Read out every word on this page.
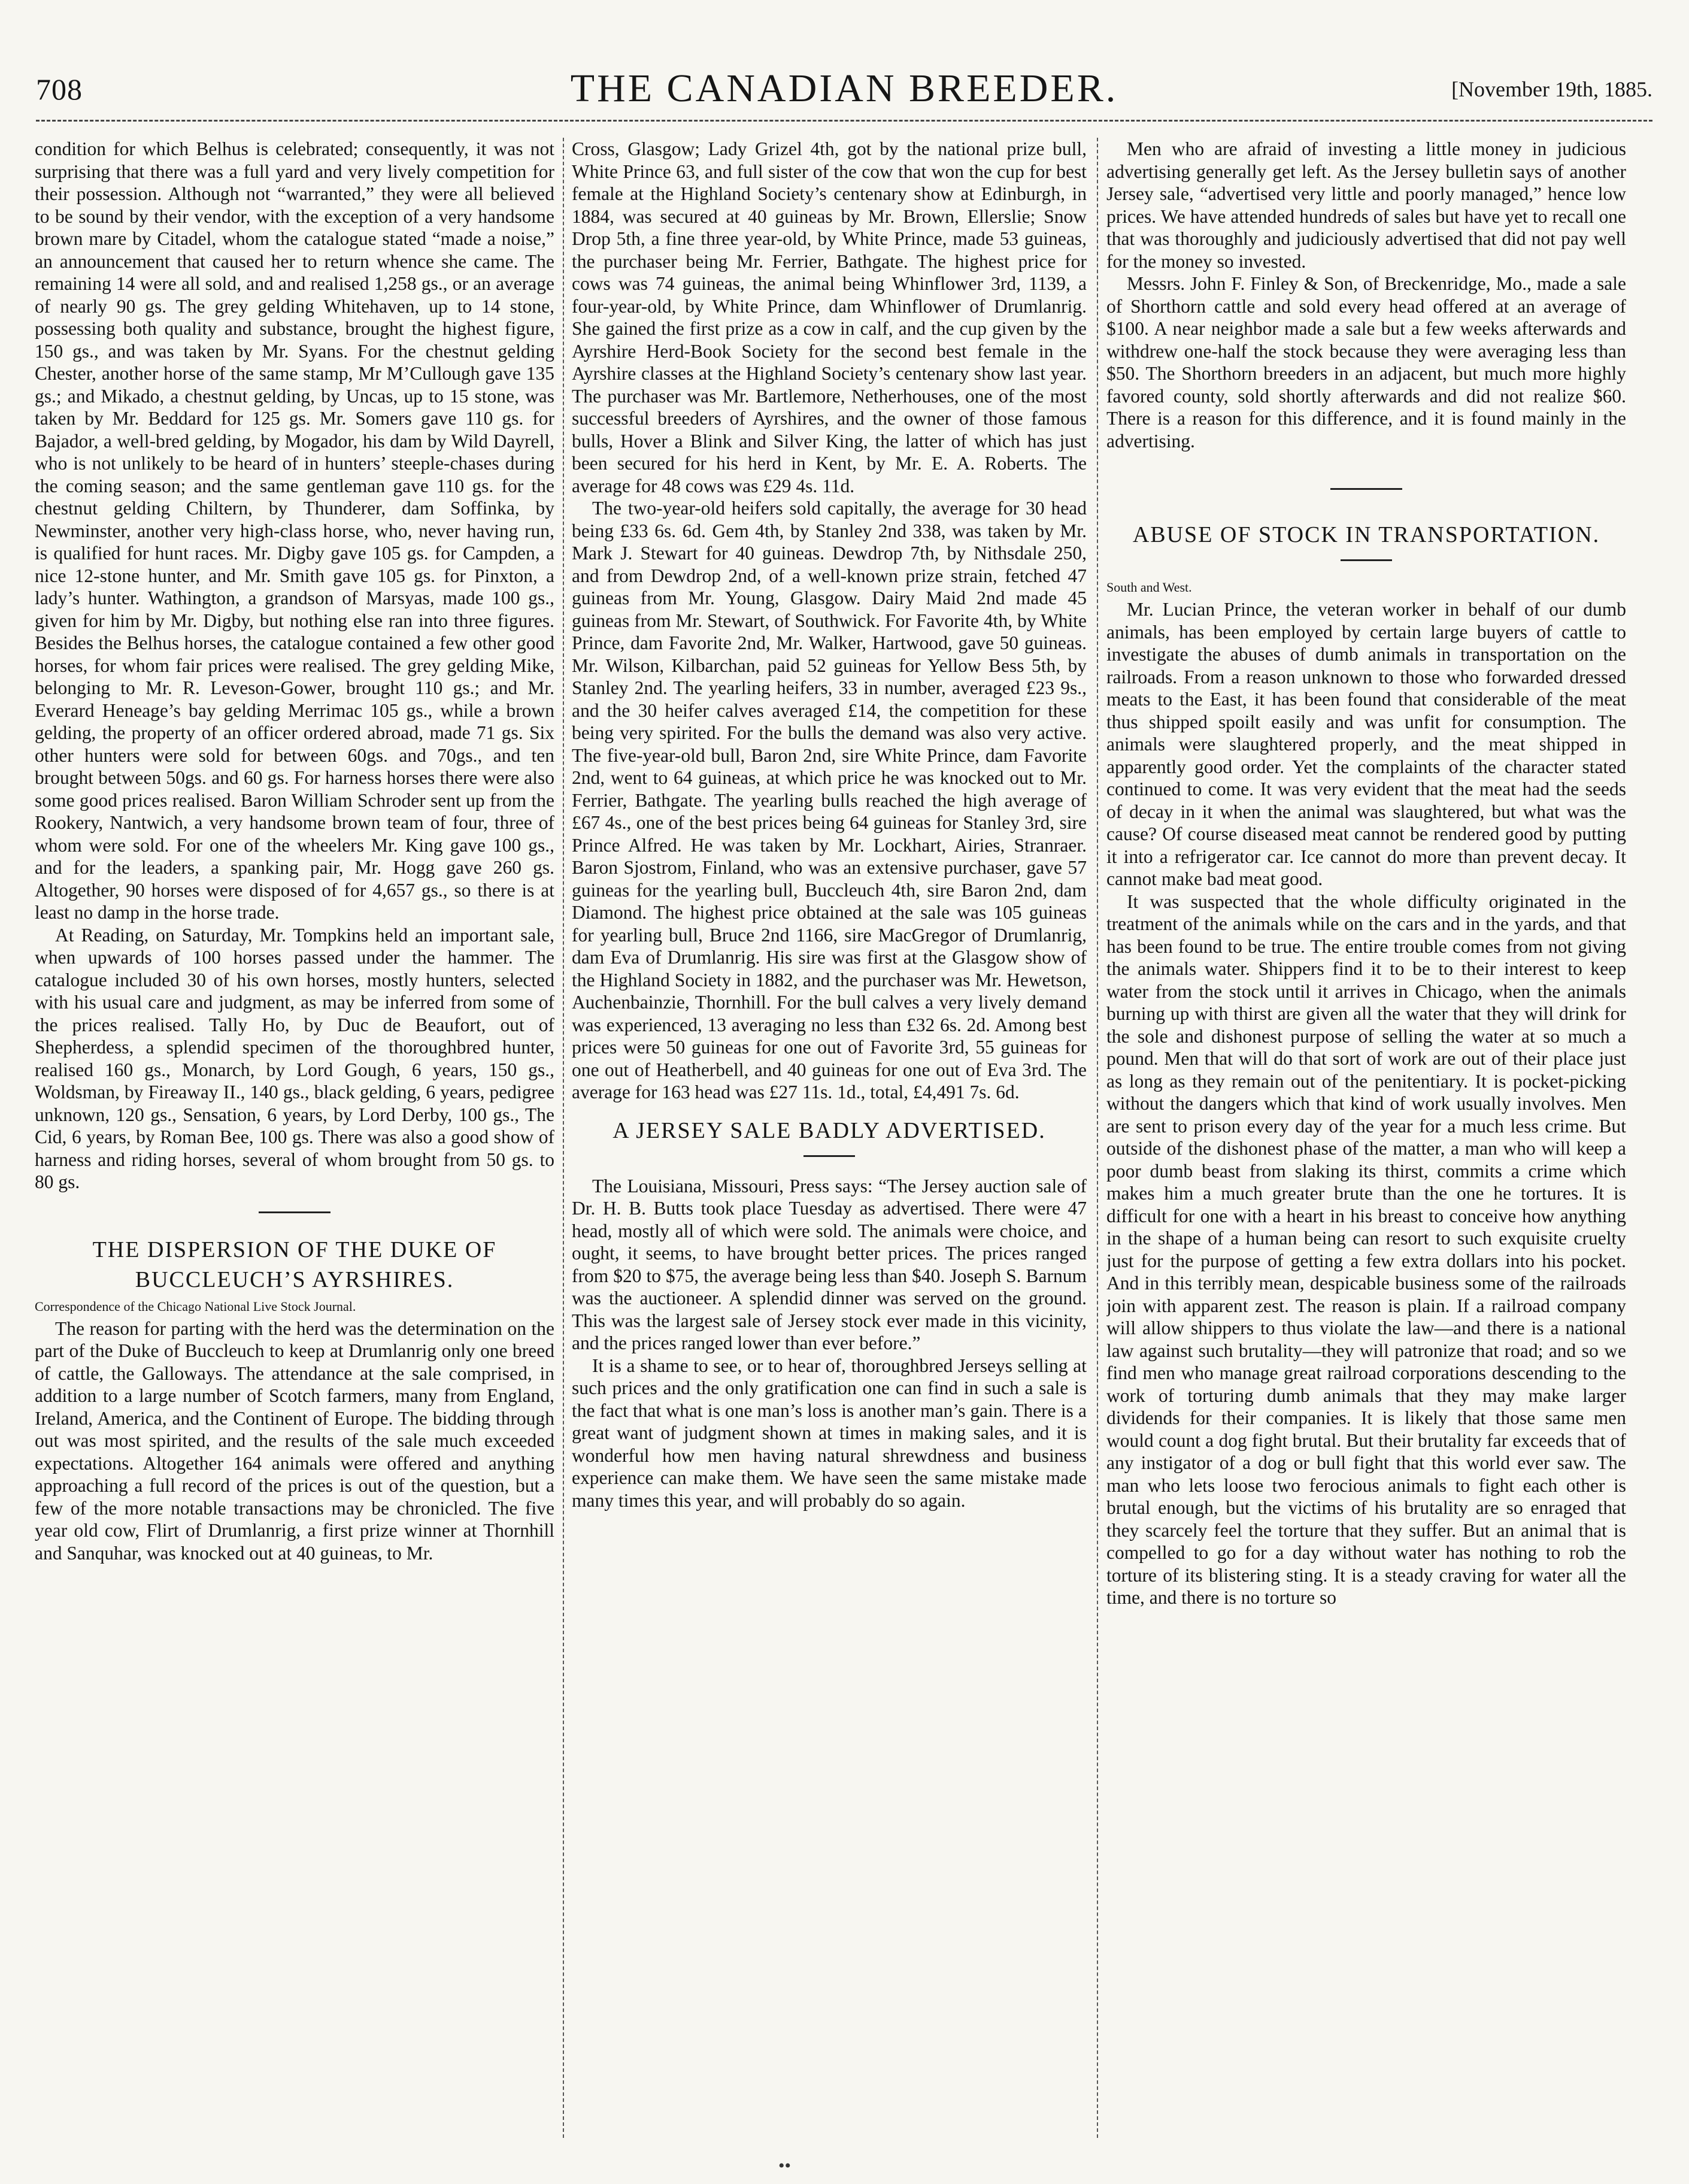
708	THE CANADIAN BREEDER.	[November 19th, 1885.

condition for which Belhus is celebrated; consequently, it was not surprising that there was a full yard and very lively competition for their possession. Although not “warranted,” they were all believed to be sound by their vendor, with the exception of a very handsome brown mare by Citadel, whom the catalogue stated “made a noise,” an announcement that caused her to return whence she came. The remaining 14 were all sold, and and realised 1,258 gs., or an average of nearly 90 gs. The grey gelding Whitehaven, up to 14 stone, possessing both quality and substance, brought the highest figure, 150 gs., and was taken by Mr. Syans. For the chestnut gelding Chester, another horse of the same stamp, Mr M’Cullough gave 135 gs.; and Mikado, a chestnut gelding, by Uncas, up to 15 stone, was taken by Mr. Beddard for 125 gs. Mr. Somers gave 110 gs. for Bajador, a well-bred gelding, by Mogador, his dam by Wild Dayrell, who is not unlikely to be heard of in hunters’ steeple-chases during the coming season; and the same gentleman gave 110 gs. for the chestnut gelding Chiltern, by Thunderer, dam Soffinka, by Newminster, another very high-class horse, who, never having run, is qualified for hunt races. Mr. Digby gave 105 gs. for Campden, a nice 12-stone hunter, and Mr. Smith gave 105 gs. for Pinxton, a lady’s hunter. Wathington, a grandson of Marsyas, made 100 gs., given for him by Mr. Digby, but nothing else ran into three figures. Besides the Belhus horses, the catalogue contained a few other good horses, for whom fair prices were realised. The grey gelding Mike, belonging to Mr. R. Leveson-Gower, brought 110 gs.; and Mr. Everard Heneage’s bay gelding Merrimac 105 gs., while a brown gelding, the property of an officer ordered abroad, made 71 gs. Six other hunters were sold for between 60gs. and 70gs., and ten brought between 50gs. and 60 gs. For harness horses there were also some good prices realised. Baron William Schroder sent up from the Rookery, Nantwich, a very handsome brown team of four, three of whom were sold. For one of the wheelers Mr. King gave 100 gs., and for the leaders, a spanking pair, Mr. Hogg gave 260 gs. Altogether, 90 horses were disposed of for 4,657 gs., so there is at least no damp in the horse trade.

At Reading, on Saturday, Mr. Tompkins held an important sale, when upwards of 100 horses passed under the hammer. The catalogue included 30 of his own horses, mostly hunters, selected with his usual care and judgment, as may be inferred from some of the prices realised. Tally Ho, by Duc de Beaufort, out of Shepherdess, a splendid specimen of the thoroughbred hunter, realised 160 gs., Monarch, by Lord Gough, 6 years, 150 gs., Woldsman, by Fireaway II., 140 gs., black gelding, 6 years, pedigree unknown, 120 gs., Sensation, 6 years, by Lord Derby, 100 gs., The Cid, 6 years, by Roman Bee, 100 gs. There was also a good show of harness and riding horses, several of whom brought from 50 gs. to 80 gs.

THE DISPERSION OF THE DUKE OF BUCCLEUCH’S AYRSHIRES.
Correspondence of the Chicago National Live Stock Journal.

The reason for parting with the herd was the determination on the part of the Duke of Buccleuch to keep at Drumlanrig only one breed of cattle, the Galloways. The attendance at the sale comprised, in addition to a large number of Scotch farmers, many from England, Ireland, America, and the Continent of Europe. The bidding through out was most spirited, and the results of the sale much exceeded expectations. Altogether 164 animals were offered and anything approaching a full record of the prices is out of the question, but a few of the more notable transactions may be chronicled. The five year old cow, Flirt of Drumlanrig, a first prize winner at Thornhill and Sanquhar, was knocked out at 40 guineas, to Mr.

Cross, Glasgow; Lady Grizel 4th, got by the national prize bull, White Prince 63, and full sister of the cow that won the cup for best female at the Highland Society’s centenary show at Edinburgh, in 1884, was secured at 40 guineas by Mr. Brown, Ellerslie; Snow Drop 5th, a fine three year-old, by White Prince, made 53 guineas, the purchaser being Mr. Ferrier, Bathgate. The highest price for cows was 74 guineas, the animal being Whinflower 3rd, 1139, a four-year-old, by White Prince, dam Whinflower of Drumlanrig. She gained the first prize as a cow in calf, and the cup given by the Ayrshire Herd-Book Society for the second best female in the Ayrshire classes at the Highland Society’s centenary show last year. The purchaser was Mr. Bartlemore, Netherhouses, one of the most successful breeders of Ayrshires, and the owner of those famous bulls, Hover a Blink and Silver King, the latter of which has just been secured for his herd in Kent, by Mr. E. A. Roberts. The average for 48 cows was £29 4s. 11d.

The two-year-old heifers sold capitally, the average for 30 head being £33 6s. 6d. Gem 4th, by Stanley 2nd 338, was taken by Mr. Mark J. Stewart for 40 guineas. Dewdrop 7th, by Nithsdale 250, and from Dewdrop 2nd, of a well-known prize strain, fetched 47 guineas from Mr. Young, Glasgow. Dairy Maid 2nd made 45 guineas from Mr. Stewart, of Southwick. For Favorite 4th, by White Prince, dam Favorite 2nd, Mr. Walker, Hartwood, gave 50 guineas. Mr. Wilson, Kilbarchan, paid 52 guineas for Yellow Bess 5th, by Stanley 2nd. The yearling heifers, 33 in number, averaged £23 9s., and the 30 heifer calves averaged £14, the competition for these being very spirited. For the bulls the demand was also very active. The five-year-old bull, Baron 2nd, sire White Prince, dam Favorite 2nd, went to 64 guineas, at which price he was knocked out to Mr. Ferrier, Bathgate. The yearling bulls reached the high average of £67 4s., one of the best prices being 64 guineas for Stanley 3rd, sire Prince Alfred. He was taken by Mr. Lockhart, Airies, Stranraer. Baron Sjostrom, Finland, who was an extensive purchaser, gave 57 guineas for the yearling bull, Buccleuch 4th, sire Baron 2nd, dam Diamond. The highest price obtained at the sale was 105 guineas for yearling bull, Bruce 2nd 1166, sire MacGregor of Drumlanrig, dam Eva of Drumlanrig. His sire was first at the Glasgow show of the Highland Society in 1882, and the purchaser was Mr. Hewetson, Auchenbainzie, Thornhill. For the bull calves a very lively demand was experienced, 13 averaging no less than £32 6s. 2d. Among best prices were 50 guineas for one out of Favorite 3rd, 55 guineas for one out of Heatherbell, and 40 guineas for one out of Eva 3rd. The average for 163 head was £27 11s. 1d., total, £4,491 7s. 6d.

A JERSEY SALE BADLY ADVERTISED.

The Louisiana, Missouri, Press says: “The Jersey auction sale of Dr. H. B. Butts took place Tuesday as advertised. There were 47 head, mostly all of which were sold. The animals were choice, and ought, it seems, to have brought better prices. The prices ranged from $20 to $75, the average being less than $40. Joseph S. Barnum was the auctioneer. A splendid dinner was served on the ground. This was the largest sale of Jersey stock ever made in this vicinity, and the prices ranged lower than ever before.”

It is a shame to see, or to hear of, thoroughbred Jerseys selling at such prices and the only gratification one can find in such a sale is the fact that what is one man’s loss is another man’s gain. There is a great want of judgment shown at times in making sales, and it is wonderful how men having natural shrewdness and business experience can make them. We have seen the same mistake made many times this year, and will probably do so again.

Men who are afraid of investing a little money in judicious advertising generally get left. As the Jersey bulletin says of another Jersey sale, “advertised very little and poorly managed,” hence low prices. We have attended hundreds of sales but have yet to recall one that was thoroughly and judiciously advertised that did not pay well for the money so invested.

Messrs. John F. Finley & Son, of Breckenridge, Mo., made a sale of Shorthorn cattle and sold every head offered at an average of $100. A near neighbor made a sale but a few weeks afterwards and withdrew one-half the stock because they were averaging less than $50. The Shorthorn breeders in an adjacent, but much more highly favored county, sold shortly afterwards and did not realize $60. There is a reason for this difference, and it is found mainly in the advertising.

ABUSE OF STOCK IN TRANSPORTATION.
South and West.

Mr. Lucian Prince, the veteran worker in behalf of our dumb animals, has been employed by certain large buyers of cattle to investigate the abuses of dumb animals in transportation on the railroads. From a reason unknown to those who forwarded dressed meats to the East, it has been found that considerable of the meat thus shipped spoilt easily and was unfit for consumption. The animals were slaughtered properly, and the meat shipped in apparently good order. Yet the complaints of the character stated continued to come. It was very evident that the meat had the seeds of decay in it when the animal was slaughtered, but what was the cause? Of course diseased meat cannot be rendered good by putting it into a refrigerator car. Ice cannot do more than prevent decay. It cannot make bad meat good.

It was suspected that the whole difficulty originated in the treatment of the animals while on the cars and in the yards, and that has been found to be true. The entire trouble comes from not giving the animals water. Shippers find it to be to their interest to keep water from the stock until it arrives in Chicago, when the animals burning up with thirst are given all the water that they will drink for the sole and dishonest purpose of selling the water at so much a pound. Men that will do that sort of work are out of their place just as long as they remain out of the penitentiary. It is pocket-picking without the dangers which that kind of work usually involves. Men are sent to prison every day of the year for a much less crime. But outside of the dishonest phase of the matter, a man who will keep a poor dumb beast from slaking its thirst, commits a crime which makes him a much greater brute than the one he tortures. It is difficult for one with a heart in his breast to conceive how anything in the shape of a human being can resort to such exquisite cruelty just for the purpose of getting a few extra dollars into his pocket. And in this terribly mean, despicable business some of the railroads join with apparent zest. The reason is plain. If a railroad company will allow shippers to thus violate the law—and there is a national law against such brutality—they will patronize that road; and so we find men who manage great railroad corporations descending to the work of torturing dumb animals that they may make larger dividends for their companies. It is likely that those same men would count a dog fight brutal. But their brutality far exceeds that of any instigator of a dog or bull fight that this world ever saw. The man who lets loose two ferocious animals to fight each other is brutal enough, but the victims of his brutality are so enraged that they scarcely feel the torture that they suffer. But an animal that is compelled to go for a day without water has nothing to rob the torture of its blistering sting. It is a steady craving for water all the time, and there is no torture so

••
